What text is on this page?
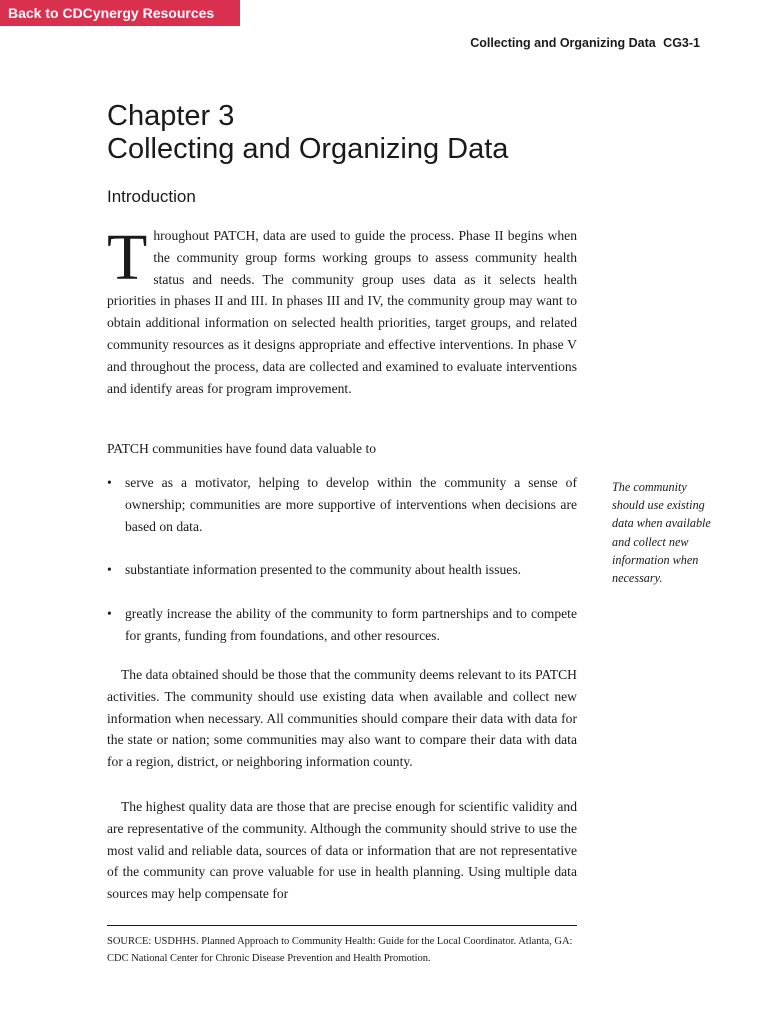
Back to CDCynergy Resources
Collecting and Organizing Data CG3-1
Chapter 3
Collecting and Organizing Data
Introduction
T hroughout PATCH, data are used to guide the process. Phase II begins when the community group forms working groups to assess community health status and needs. The community group uses data as it selects health priorities in phases II and III. In phases III and IV, the community group may want to obtain additional information on selected health priorities, target groups, and related community resources as it designs appropriate and effective interventions. In phase V and throughout the process, data are collected and examined to evaluate interventions and identify areas for program improvement.

PATCH communities have found data valuable to

• serve as a motivator, helping to develop within the community a sense of ownership; communities are more supportive of interventions when decisions are based on data.
• substantiate information presented to the community about health issues.
• greatly increase the ability of the community to form partnerships and to compete for grants, funding from foundations, and other resources.
The community should use existing data when available and collect new information when necessary.

The data obtained should be those that the community deems relevant to its PATCH activities. The community should use existing data when available and collect new information when necessary. All communities should compare their data with data for the state or nation; some communities may also want to compare their data with data for a region, district, or neighboring information county.

The highest quality data are those that are precise enough for scientific validity and are representative of the community. Although the community should strive to use the most valid and reliable data, sources of data or information that are not representative of the community can prove valuable for use in health planning. Using multiple data sources may help compensate for

SOURCE: USDHHS. Planned Approach to Community Health: Guide for the Local Coordinator. Atlanta, GA: CDC National Center for Chronic Disease Prevention and Health Promotion.
